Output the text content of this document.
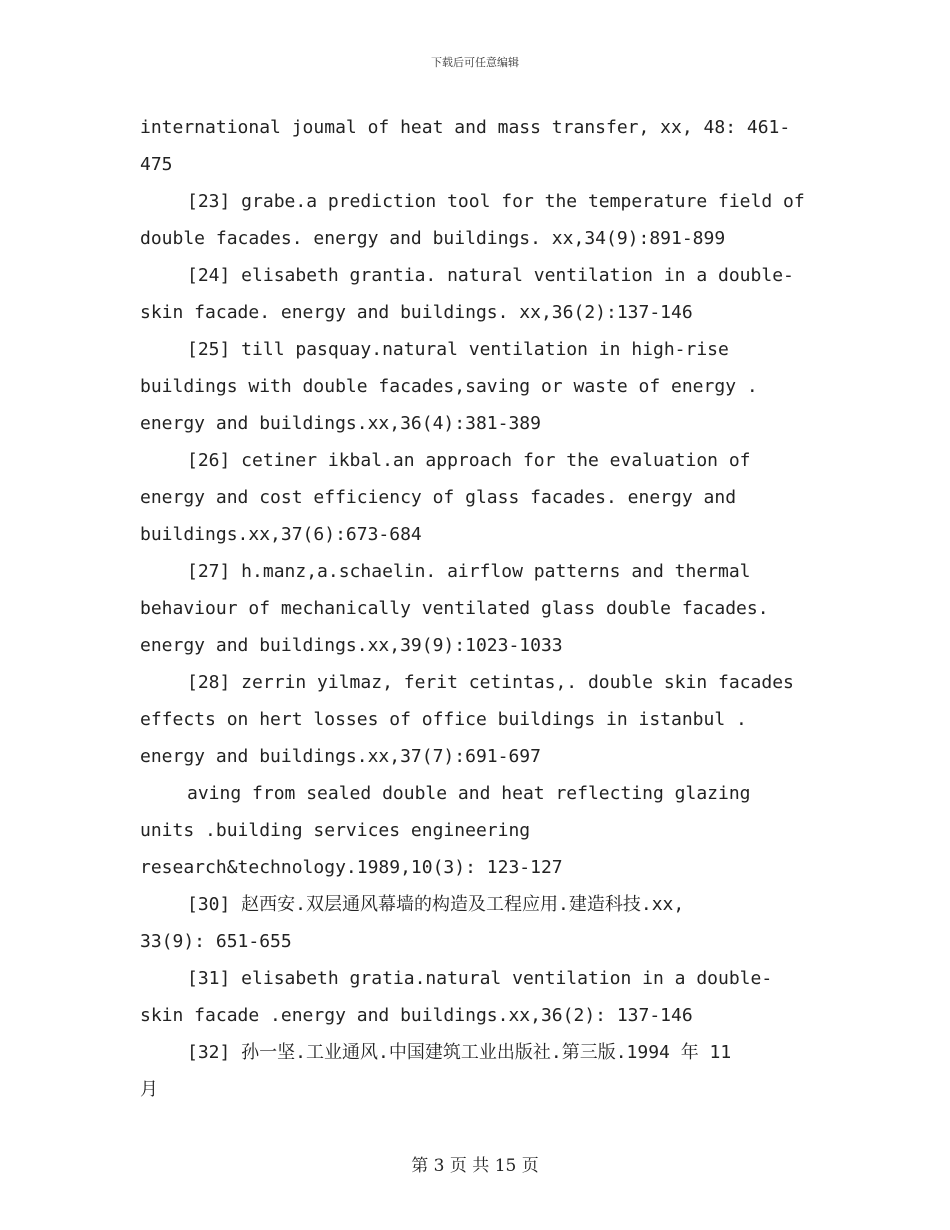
下载后可任意编辑

international joumal of heat and mass transfer, xx, 48: 461-
475

[23] grabe.a prediction tool for the temperature field of
double facades. energy and buildings. xx,34(9):891-899

[24] elisabeth grantia. natural ventilation in a double-
skin facade. energy and buildings. xx,36(2):137-146

[25] till pasquay.natural ventilation in high-rise
buildings with double facades,saving or waste of energy .
energy and buildings.xx,36(4):381-389

[26] cetiner ikbal.an approach for the evaluation of
energy and cost efficiency of glass facades. energy and
buildings.xx,37(6):673-684

[27] h.manz,a.schaelin. airflow patterns and thermal
behaviour of mechanically ventilated glass double facades.
energy and buildings.xx,39(9):1023-1033

[28] zerrin yilmaz, ferit cetintas,. double skin facades
effects on hert losses of office buildings in istanbul .
energy and buildings.xx,37(7):691-697

aving from sealed double and heat reflecting glazing
units .building services engineering
research&technology.1989,10(3): 123-127

[30] 赵西安.双层通风幕墙的构造及工程应用.建造科技.xx,
33(9): 651-655

[31] elisabeth gratia.natural ventilation in a double-
skin facade .energy and buildings.xx,36(2): 137-146

[32] 孙一坚.工业通风.中国建筑工业出版社.第三版.1994 年 11
月

第 3 页 共 15 页
